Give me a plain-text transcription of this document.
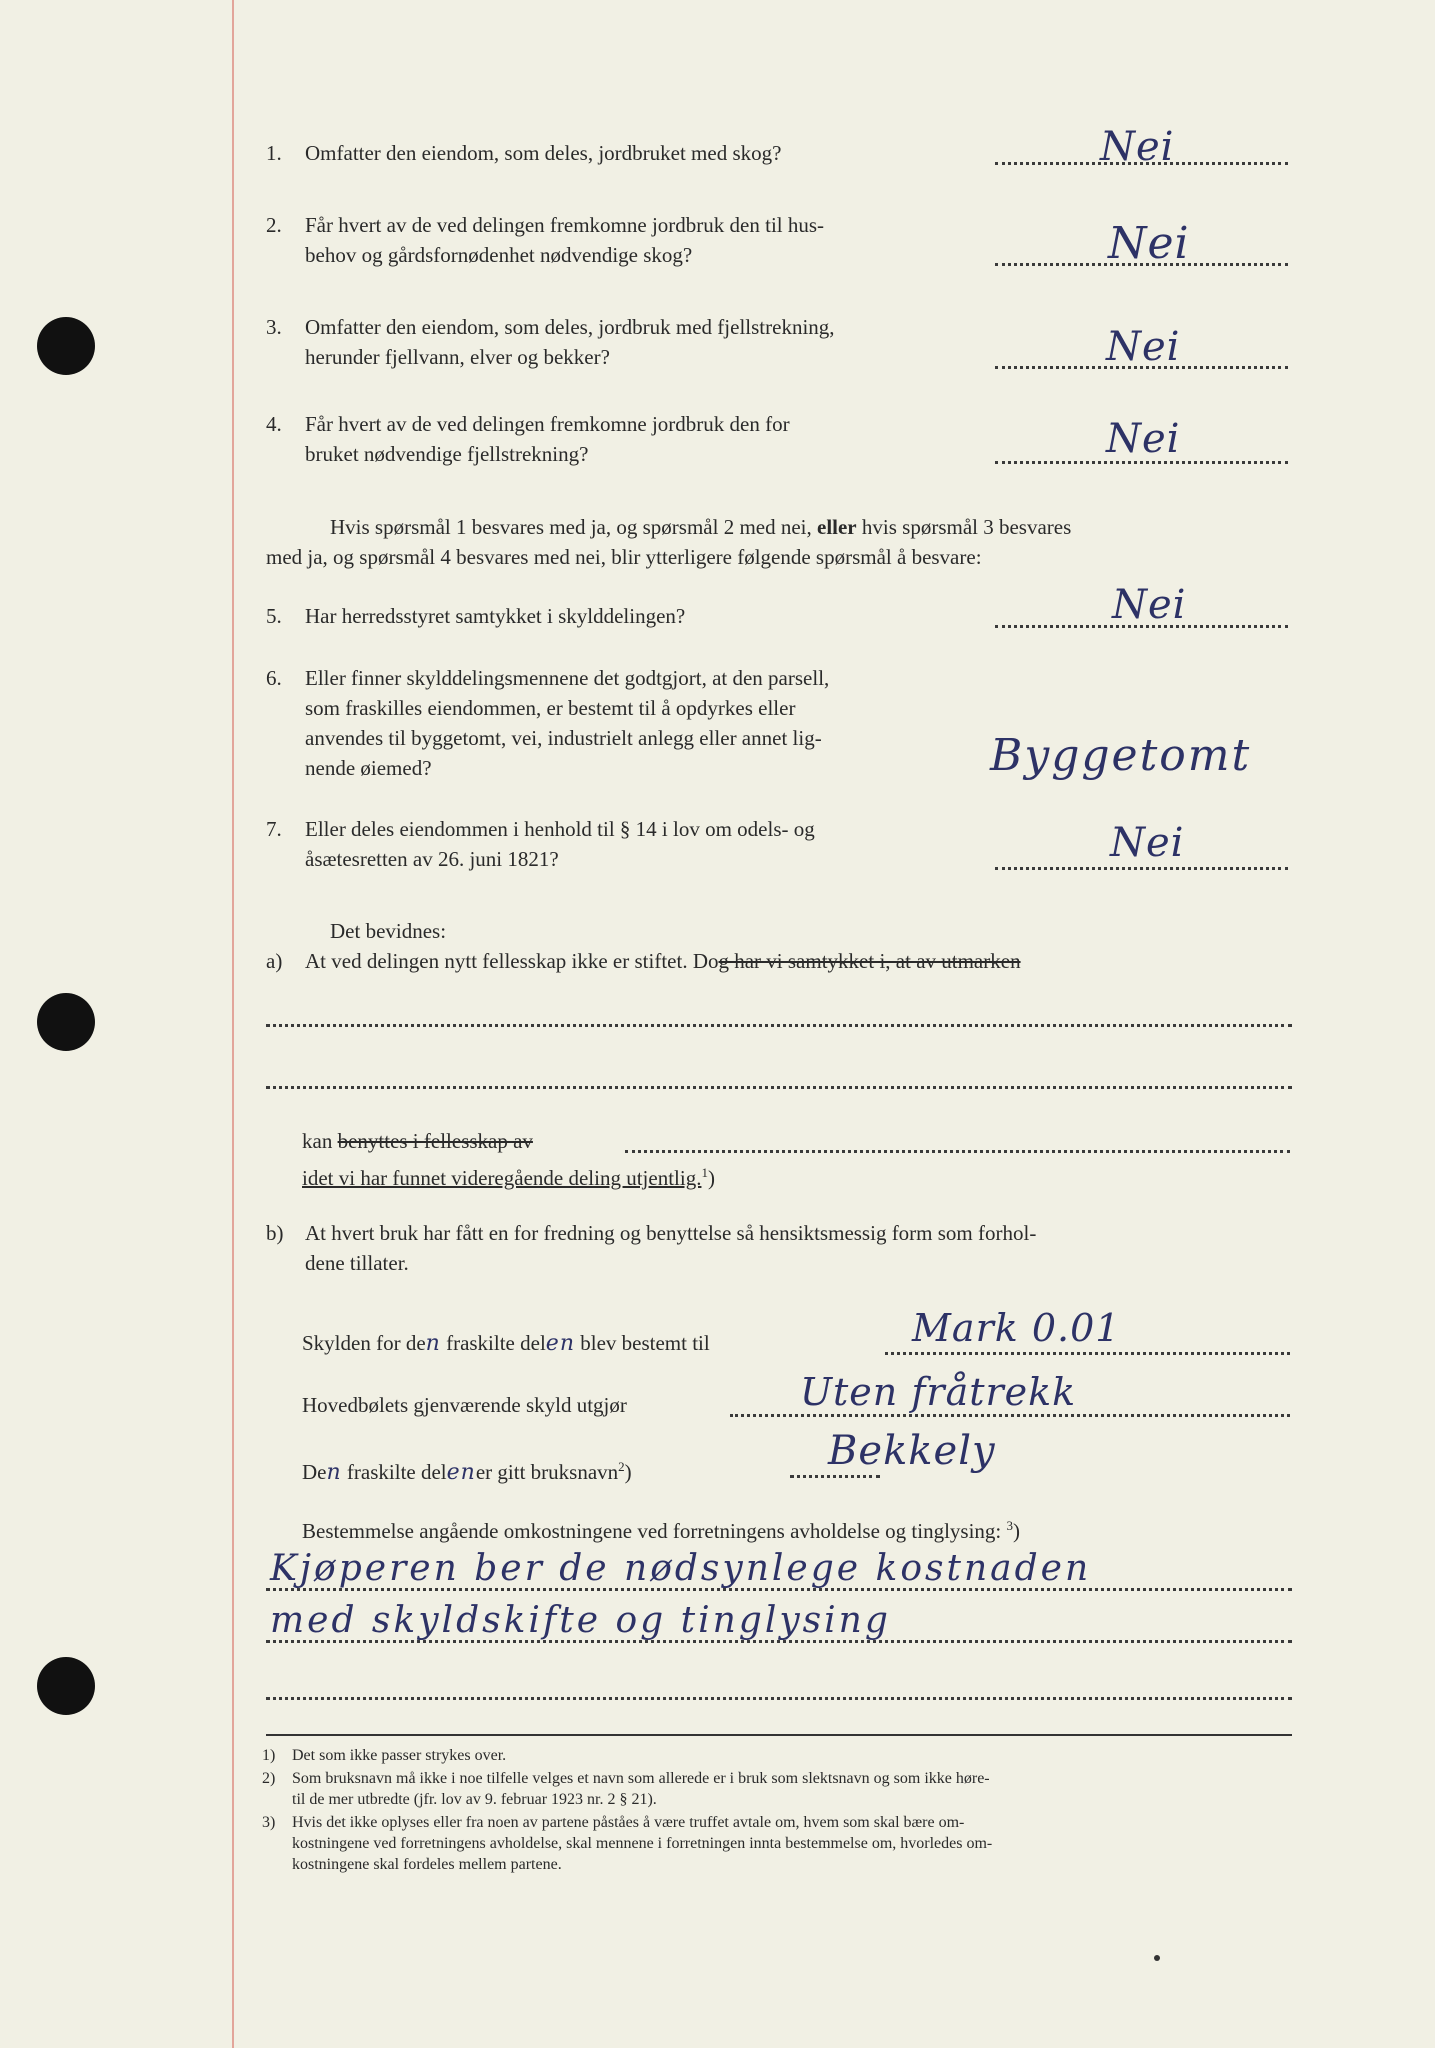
1. Omfatter den eiendom, som deles, jordbruket med skog?	Nei
2. Får hvert av de ved delingen fremkomne jordbruk den til hus-
behov og gårdsfornødenhet nødvendige skog?	Nei
3. Omfatter den eiendom, som deles, jordbruk med fjellstrekning,
herunder fjellvann, elver og bekker?	Nei
4. Får hvert av de ved delingen fremkomne jordbruk den for
bruket nødvendige fjellstrekning?	Nei
Hvis spørsmål 1 besvares med ja, og spørsmål 2 med nei, eller hvis spørsmål 3 besvares
med ja, og spørsmål 4 besvares med nei, blir ytterligere følgende spørsmål å besvare:
5. Har herredsstyret samtykket i skylddelingen?	Nei
6. Eller finner skylddelingsmennene det godtgjort, at den parsell,
som fraskilles eiendommen, er bestemt til å opdyrkes eller
anvendes til byggetomt, vei, industrielt anlegg eller annet lig-
nende øiemed?	Byggetomt
7. Eller deles eiendommen i henhold til § 14 i lov om odels- og
åsætesretten av 26. juni 1821?	Nei
Det bevidnes:
a) At ved delingen nytt fellesskap ikke er stiftet. Dog har vi samtykket i, at av utmarken
kan benyttes i fellesskap av
idet vi har funnet videregående deling utjentlig.$^1$)
b) At hvert bruk har fått en for fredning og benyttelse så hensiktsmessig form som forhol-
dene tillater.
Skylden for den fraskilte delen blev bestemt til	Mark 0.01
Hovedbølets gjenværende skyld utgjør	Uten fråtrekk
Den fraskilte delener gitt bruksnavn$^2$)	Bekkely
Bestemmelse angående omkostningene ved forretningens avholdelse og tinglysing: $^3$)
Kjøperen ber de nødsynlege kostnaden
med skyldskifte og tinglysing
1) Det som ikke passer strykes over.
2) Som bruksnavn må ikke i noe tilfelle velges et navn som allerede er i bruk som slektsnavn og som ikke høre-
til de mer utbredte (jfr. lov av 9. februar 1923 nr. 2 § 21).
3) Hvis det ikke oplyses eller fra noen av partene påståes å være truffet avtale om, hvem som skal bære om-
kostningene ved forretningens avholdelse, skal mennene i forretningen innta bestemmelse om, hvorledes om-
kostningene skal fordeles mellem partene.
